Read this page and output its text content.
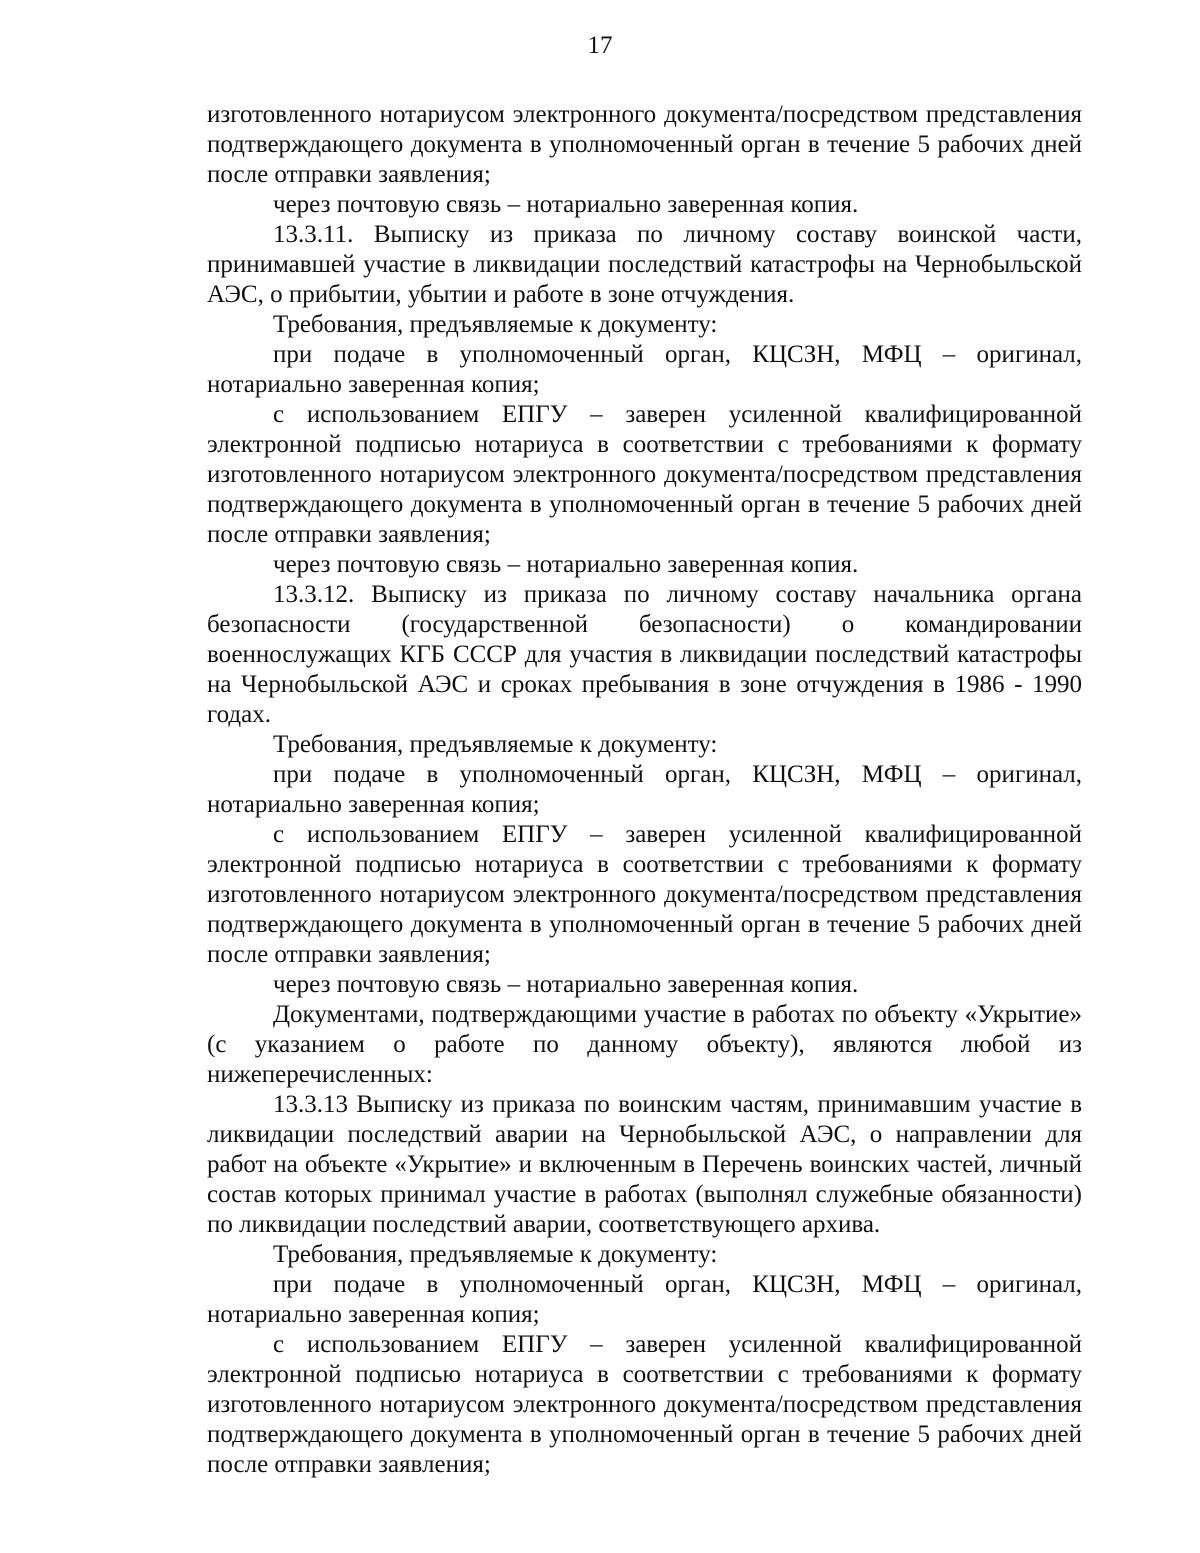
17

изготовленного нотариусом электронного документа/посредством представления подтверждающего документа в уполномоченный орган в течение 5 рабочих дней после отправки заявления;

через почтовую связь – нотариально заверенная копия.

13.3.11. Выписку из приказа по личному составу воинской части, принимавшей участие в ликвидации последствий катастрофы на Чернобыльской АЭС, о прибытии, убытии и работе в зоне отчуждения.

Требования, предъявляемые к документу:

при подаче в уполномоченный орган, КЦСЗН, МФЦ – оригинал, нотариально заверенная копия;

с использованием ЕПГУ – заверен усиленной квалифицированной электронной подписью нотариуса в соответствии с требованиями к формату изготовленного нотариусом электронного документа/посредством представления подтверждающего документа в уполномоченный орган в течение 5 рабочих дней после отправки заявления;

через почтовую связь – нотариально заверенная копия.

13.3.12. Выписку из приказа по личному составу начальника органа безопасности (государственной безопасности) о командировании военнослужащих КГБ СССР для участия в ликвидации последствий катастрофы на Чернобыльской АЭС и сроках пребывания в зоне отчуждения в 1986 - 1990 годах.

Требования, предъявляемые к документу:

при подаче в уполномоченный орган, КЦСЗН, МФЦ – оригинал, нотариально заверенная копия;

с использованием ЕПГУ – заверен усиленной квалифицированной электронной подписью нотариуса в соответствии с требованиями к формату изготовленного нотариусом электронного документа/посредством представления подтверждающего документа в уполномоченный орган в течение 5 рабочих дней после отправки заявления;

через почтовую связь – нотариально заверенная копия.

Документами, подтверждающими участие в работах по объекту «Укрытие» (с указанием о работе по данному объекту), являются любой из нижеперечисленных:

13.3.13 Выписку из приказа по воинским частям, принимавшим участие в ликвидации последствий аварии на Чернобыльской АЭС, о направлении для работ на объекте «Укрытие» и включенным в Перечень воинских частей, личный состав которых принимал участие в работах (выполнял служебные обязанности) по ликвидации последствий аварии, соответствующего архива.

Требования, предъявляемые к документу:

при подаче в уполномоченный орган, КЦСЗН, МФЦ – оригинал, нотариально заверенная копия;

с использованием ЕПГУ – заверен усиленной квалифицированной электронной подписью нотариуса в соответствии с требованиями к формату изготовленного нотариусом электронного документа/посредством представления подтверждающего документа в уполномоченный орган в течение 5 рабочих дней после отправки заявления;
